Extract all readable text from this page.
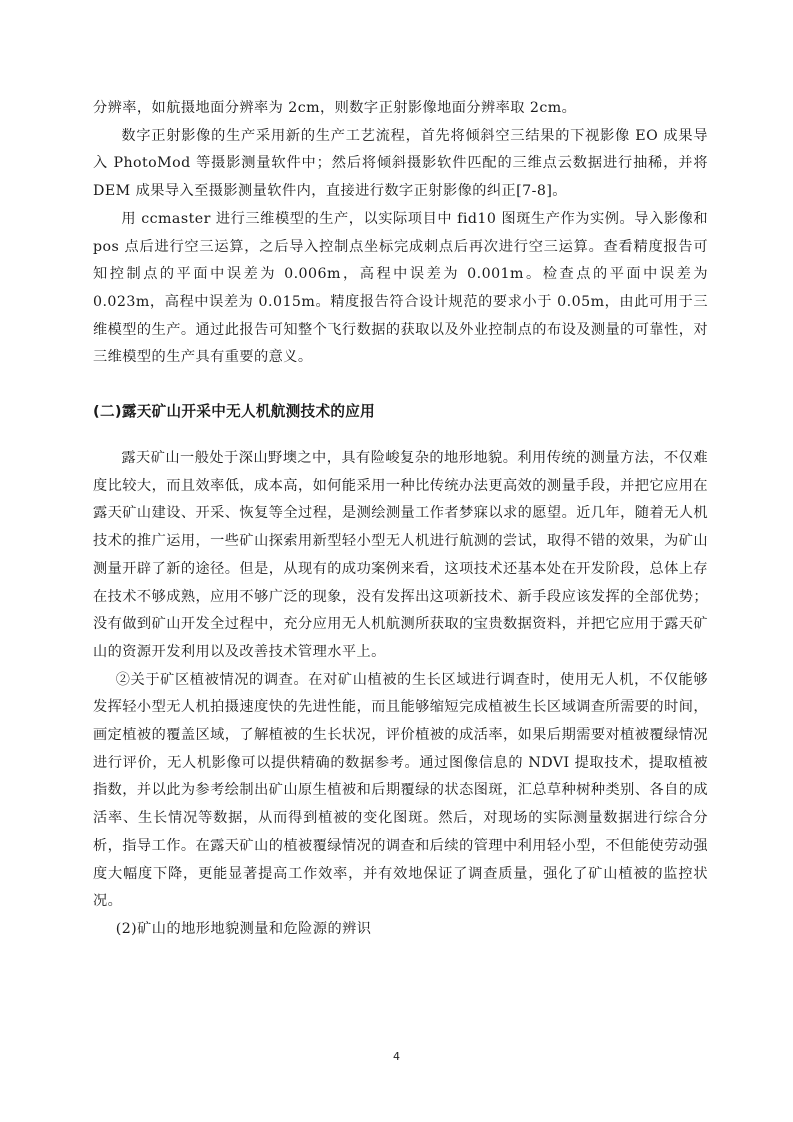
分辨率，如航摄地面分辨率为 2cm，则数字正射影像地面分辨率取 2cm。

数字正射影像的生产采用新的生产工艺流程，首先将倾斜空三结果的下视影像 EO 成果导入 PhotoMod 等摄影测量软件中；然后将倾斜摄影软件匹配的三维点云数据进行抽稀，并将 DEM 成果导入至摄影测量软件内，直接进行数字正射影像的纠正[7-8]。

用 ccmaster 进行三维模型的生产，以实际项目中 fid10 图斑生产作为实例。导入影像和 pos 点后进行空三运算，之后导入控制点坐标完成刺点后再次进行空三运算。查看精度报告可知控制点的平面中误差为 0.006m，高程中误差为 0.001m。检查点的平面中误差为 0.023m，高程中误差为 0.015m。精度报告符合设计规范的要求小于 0.05m，由此可用于三维模型的生产。通过此报告可知整个飞行数据的获取以及外业控制点的布设及测量的可靠性，对三维模型的生产具有重要的意义。

(二)露天矿山开采中无人机航测技术的应用

露天矿山一般处于深山野墺之中，具有险峻复杂的地形地貌。利用传统的测量方法，不仅难度比较大，而且效率低，成本高，如何能采用一种比传统办法更高效的测量手段，并把它应用在露天矿山建设、开采、恢复等全过程，是测绘测量工作者梦寐以求的愿望。近几年，随着无人机技术的推广运用，一些矿山探索用新型轻小型无人机进行航测的尝试，取得不错的效果，为矿山测量开辟了新的途径。但是，从现有的成功案例来看，这项技术还基本处在开发阶段，总体上存在技术不够成熟，应用不够广泛的现象，没有发挥出这项新技术、新手段应该发挥的全部优势；没有做到矿山开发全过程中，充分应用无人机航测所获取的宝贵数据资料，并把它应用于露天矿山的资源开发利用以及改善技术管理水平上。

②关于矿区植被情况的调查。在对矿山植被的生长区域进行调查时，使用无人机，不仅能够发挥轻小型无人机拍摄速度快的先进性能，而且能够缩短完成植被生长区域调查所需要的时间，画定植被的覆盖区域，了解植被的生长状况，评价植被的成活率，如果后期需要对植被覆绿情况进行评价，无人机影像可以提供精确的数据参考。通过图像信息的 NDVI 提取技术，提取植被指数，并以此为参考绘制出矿山原生植被和后期覆绿的状态图斑，汇总草种树种类别、各自的成活率、生长情况等数据，从而得到植被的变化图斑。然后，对现场的实际测量数据进行综合分析，指导工作。在露天矿山的植被覆绿情况的调查和后续的管理中利用轻小型，不但能使劳动强度大幅度下降，更能显著提高工作效率，并有效地保证了调查质量，强化了矿山植被的监控状况。

(2)矿山的地形地貌测量和危险源的辨识

4
